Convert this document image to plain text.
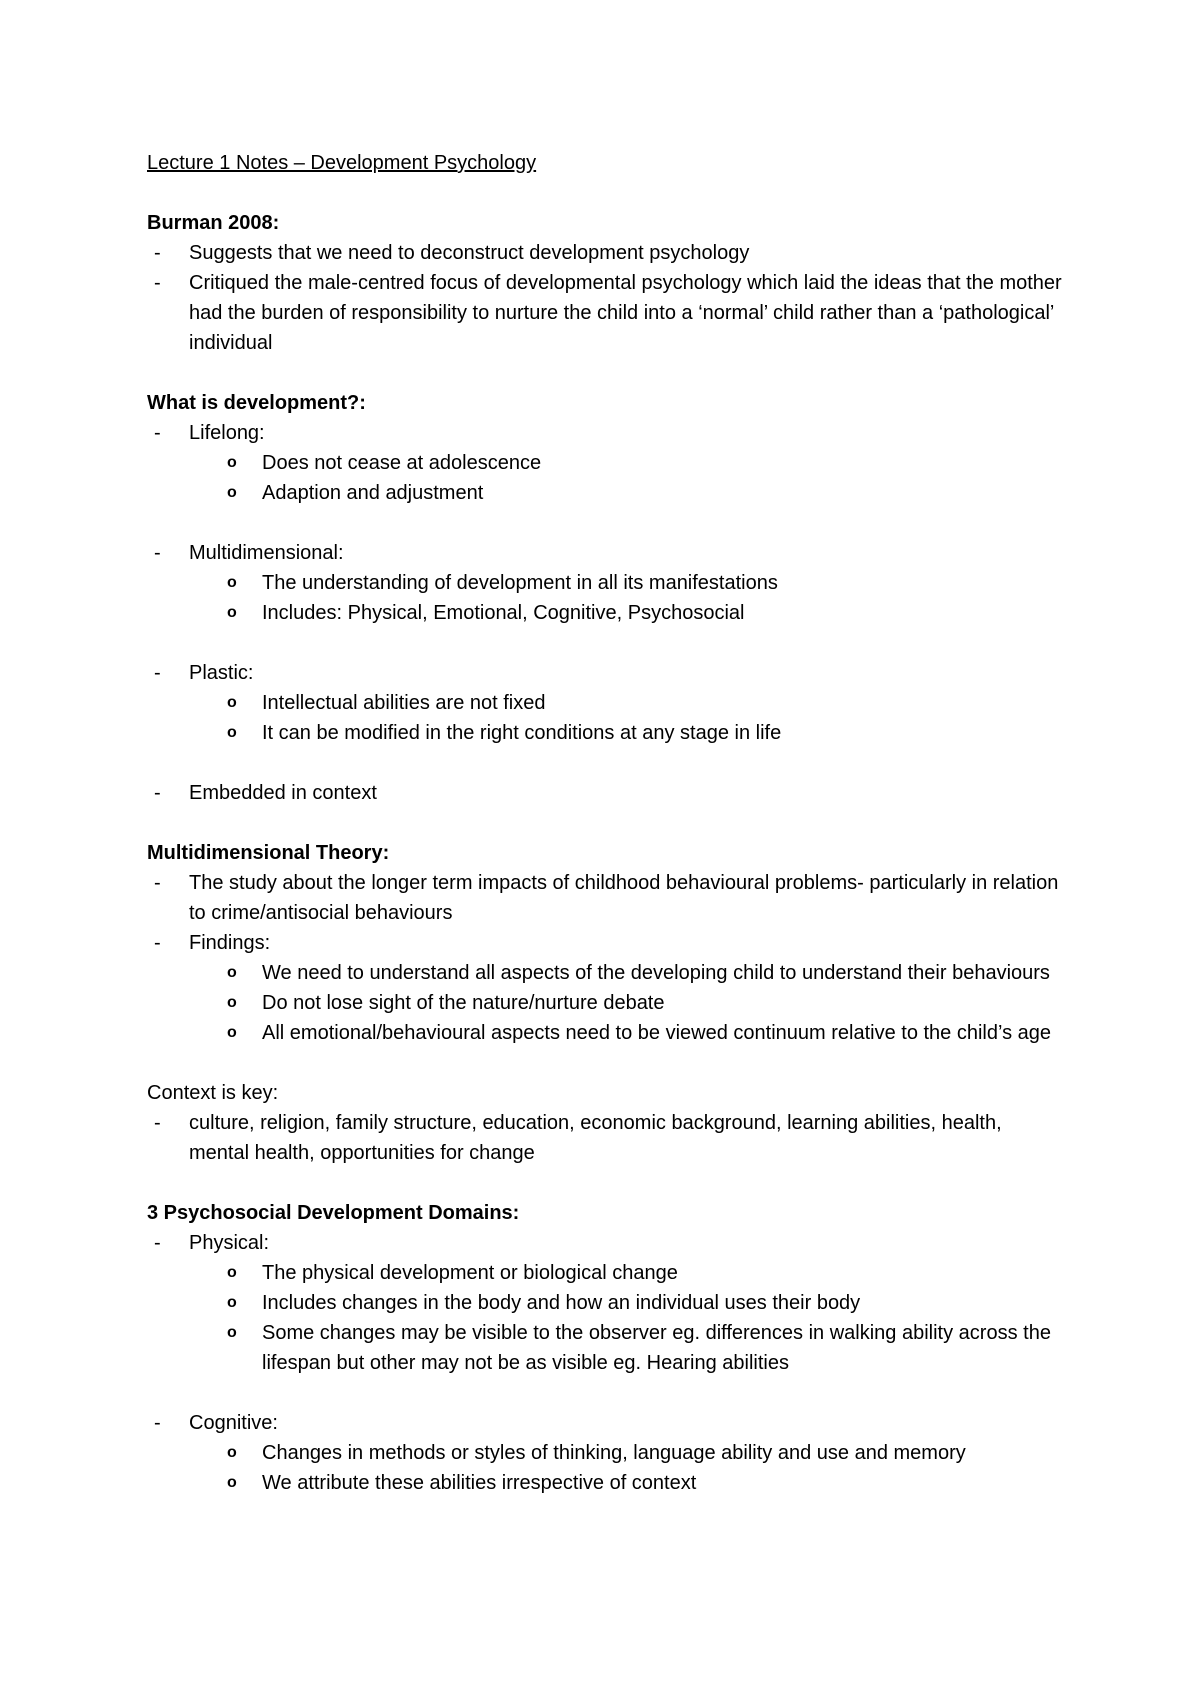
Lecture 1 Notes – Development Psychology
Burman 2008:
- Suggests that we need to deconstruct development psychology
- Critiqued the male-centred focus of developmental psychology which laid the ideas that the mother had the burden of responsibility to nurture the child into a ‘normal’ child rather than a ‘pathological’ individual
What is development?:
- Lifelong:
o Does not cease at adolescence
o Adaption and adjustment
- Multidimensional:
o The understanding of development in all its manifestations
o Includes: Physical, Emotional, Cognitive, Psychosocial
- Plastic:
o Intellectual abilities are not fixed
o It can be modified in the right conditions at any stage in life
- Embedded in context
Multidimensional Theory:
- The study about the longer term impacts of childhood behavioural problems- particularly in relation to crime/antisocial behaviours
- Findings:
o We need to understand all aspects of the developing child to understand their behaviours
o Do not lose sight of the nature/nurture debate
o All emotional/behavioural aspects need to be viewed continuum relative to the child’s age
Context is key:
- culture, religion, family structure, education, economic background, learning abilities, health, mental health, opportunities for change
3 Psychosocial Development Domains:
- Physical:
o The physical development or biological change
o Includes changes in the body and how an individual uses their body
o Some changes may be visible to the observer eg. differences in walking ability across the lifespan but other may not be as visible eg. Hearing abilities
- Cognitive:
o Changes in methods or styles of thinking, language ability and use and memory
o We attribute these abilities irrespective of context
